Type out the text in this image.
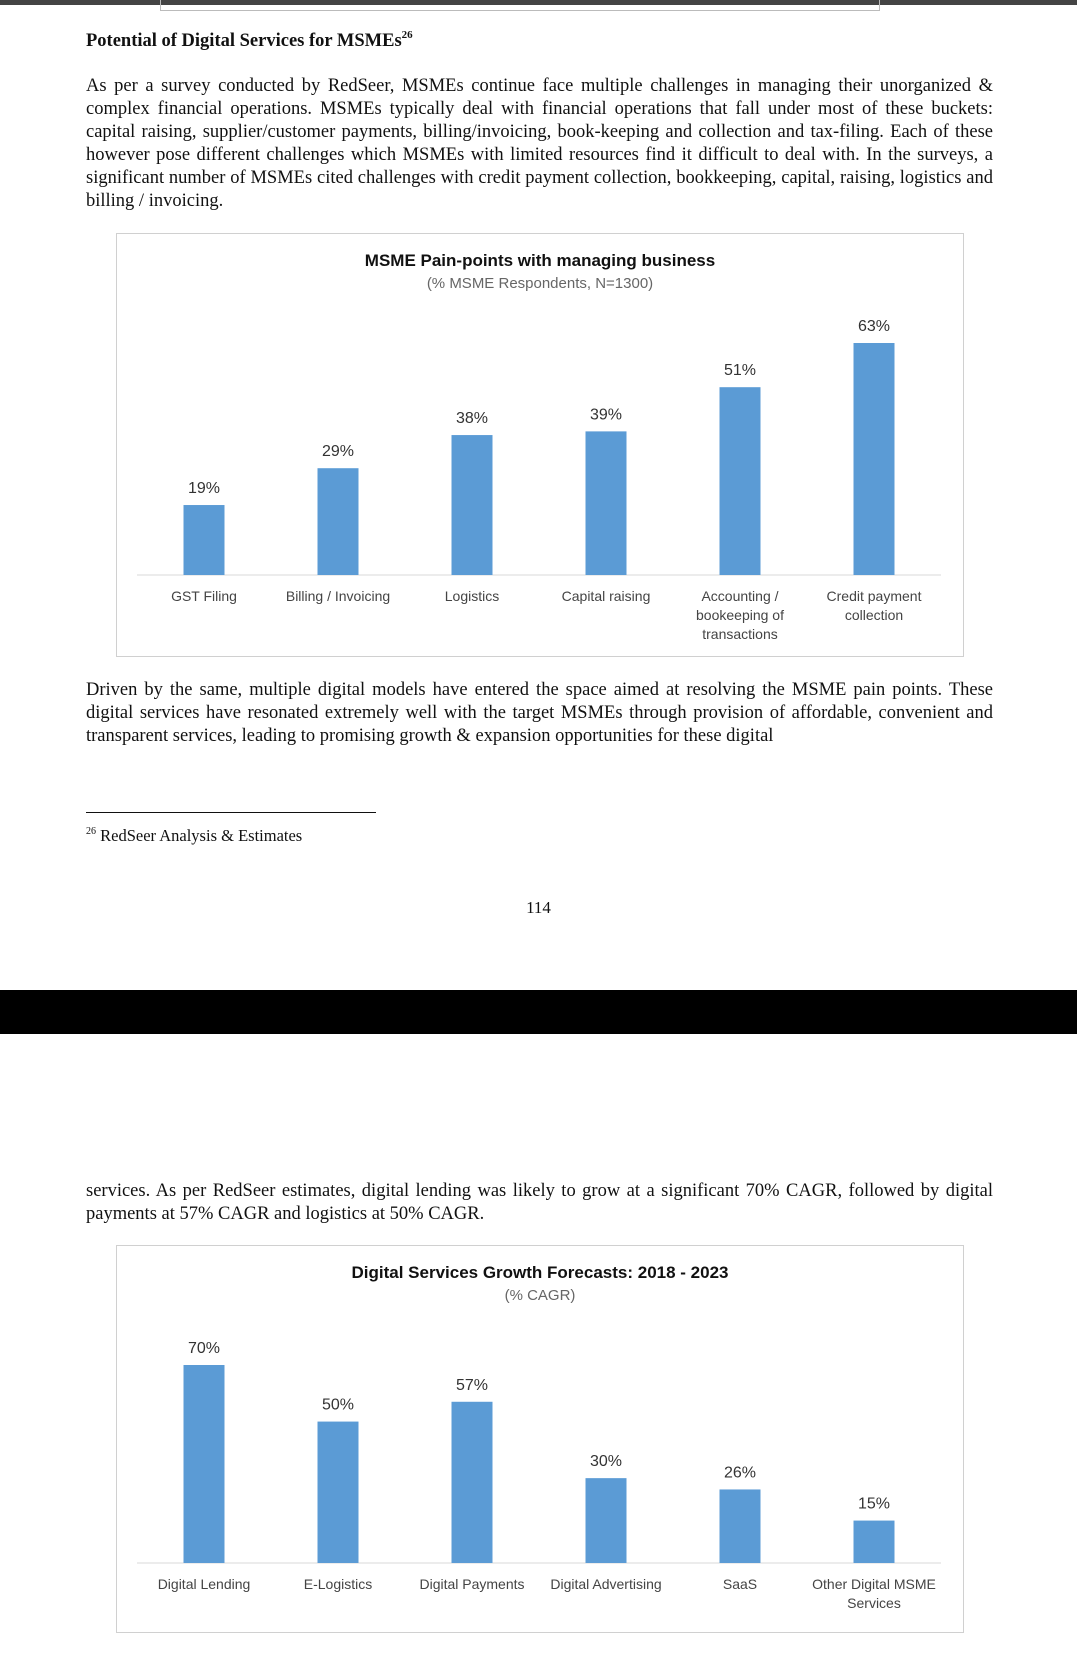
Potential of Digital Services for MSMEs$^{26}$

As per a survey conducted by RedSeer, MSMEs continue face multiple challenges in managing their unorganized & complex financial operations. MSMEs typically deal with financial operations that fall under most of these buckets: capital raising, supplier/customer payments, billing/invoicing, book-keeping and collection and tax-filing. Each of these however pose different challenges which MSMEs with limited resources find it difficult to deal with. In the surveys, a significant number of MSMEs cited challenges with credit payment collection, bookkeeping, capital, raising, logistics and billing / invoicing.

MSME Pain-points with managing business
(% MSME Respondents, N=1300)
19%
GST Filing
29%
Billing / Invoicing
38%
Logistics
39%
Capital raising
51%
Accounting /
bookeeping of
transactions
63%
Credit payment
collection

Driven by the same, multiple digital models have entered the space aimed at resolving the MSME pain points. These digital services have resonated extremely well with the target MSMEs through provision of affordable, convenient and transparent services, leading to promising growth & expansion opportunities for these digital

$^{26}$ RedSeer Analysis & Estimates
114

services. As per RedSeer estimates, digital lending was likely to grow at a significant 70% CAGR, followed by digital payments at 57% CAGR and logistics at 50% CAGR.

Digital Services Growth Forecasts: 2018 - 2023
(% CAGR)
70%
Digital Lending
50%
E-Logistics
57%
Digital Payments
30%
Digital Advertising
26%
SaaS
15%
Other Digital MSME
Services
